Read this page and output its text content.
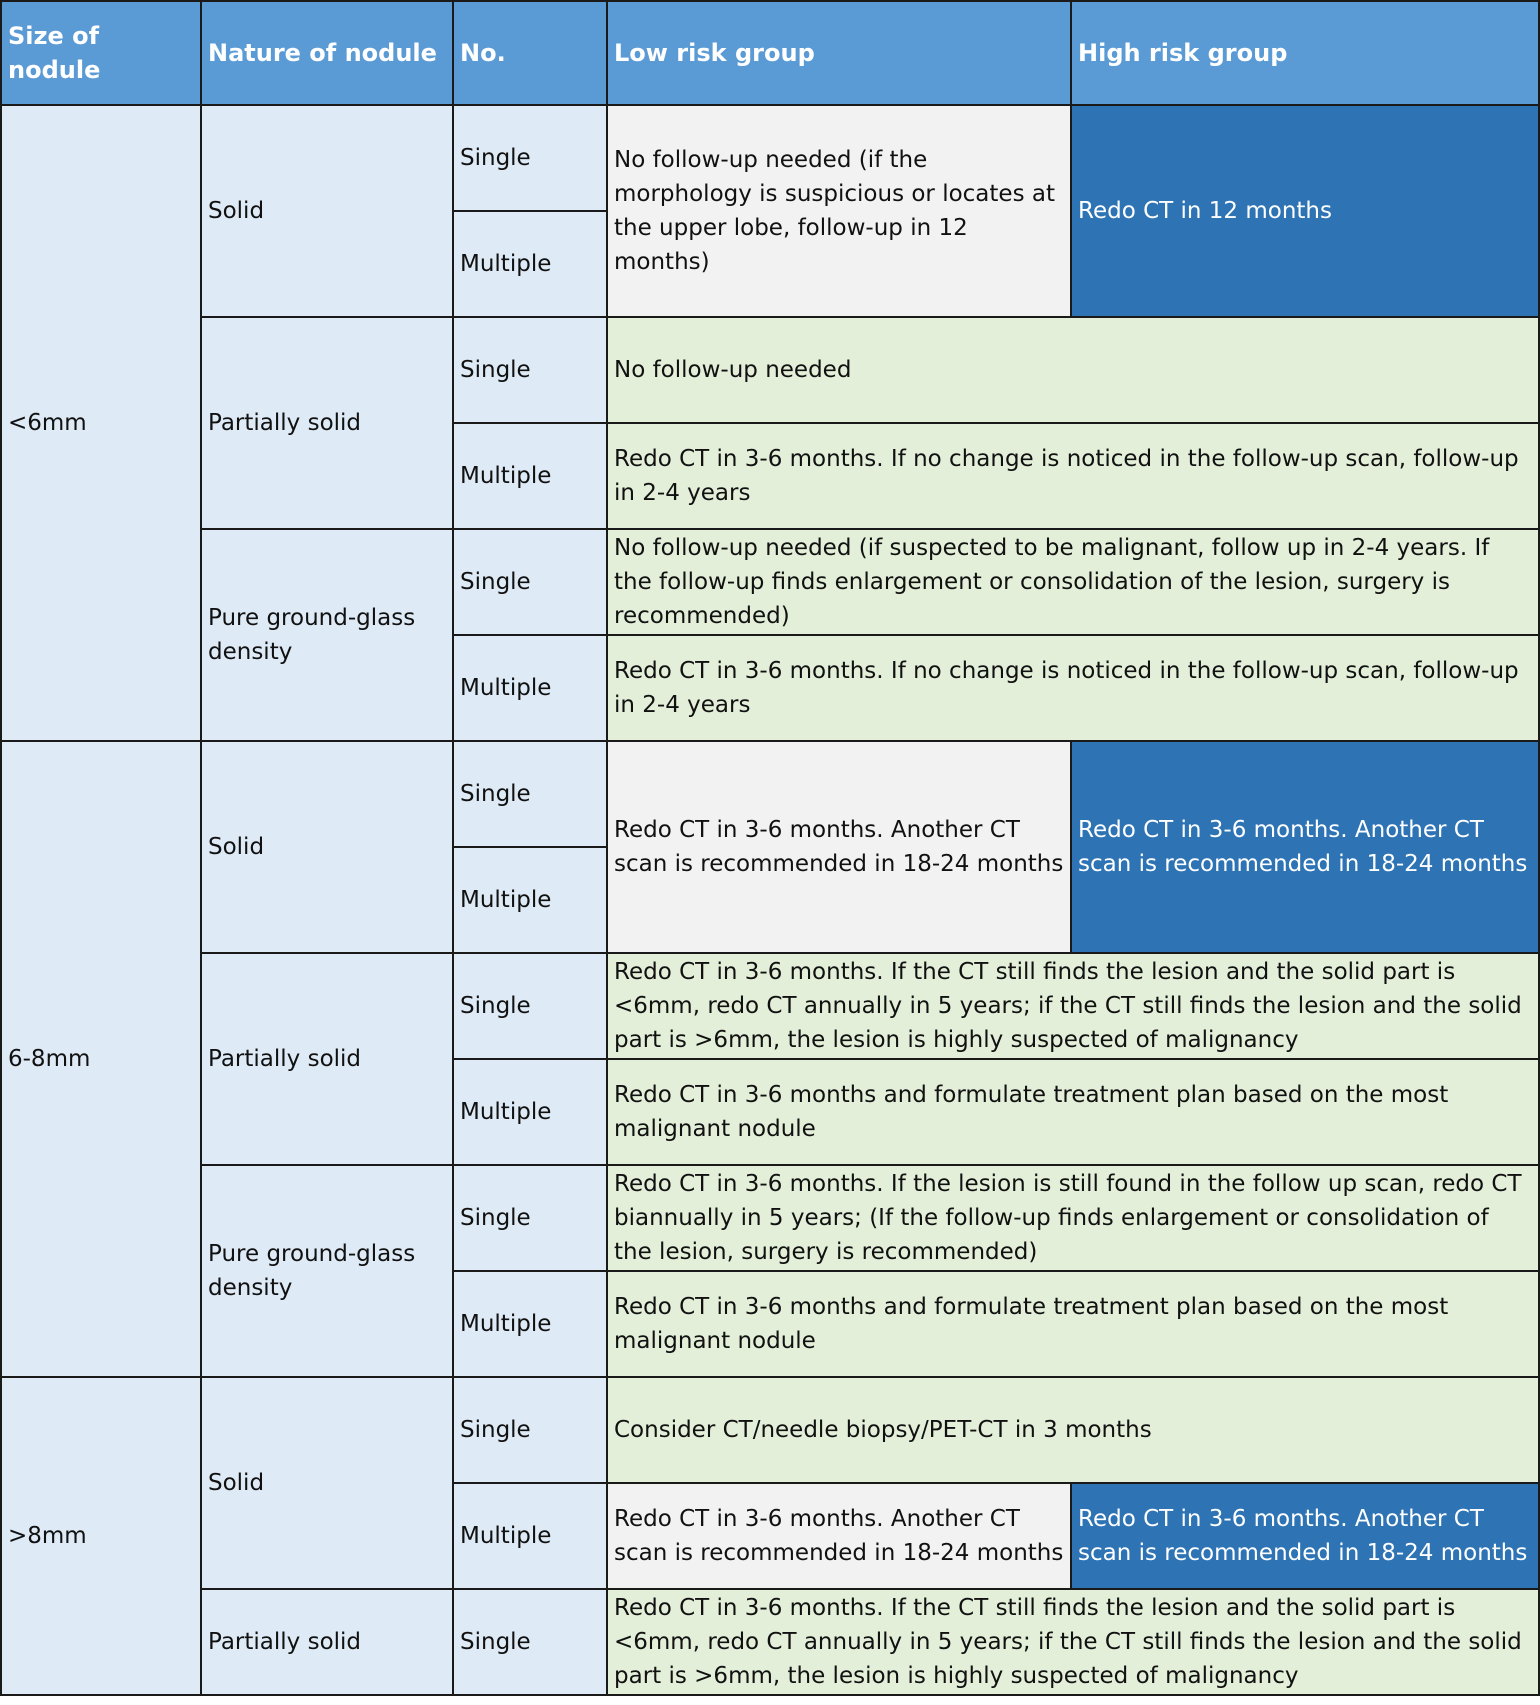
Size of nodule	Nature of nodule	No.	Low risk group	High risk group
<6mm	Solid	Single	No follow-up needed (if the morphology is suspicious or locates at the upper lobe, follow-up in 12 months)	Redo CT in 12 months
		Multiple		
	Partially solid	Single	No follow-up needed	
		Multiple	Redo CT in 3-6 months. If no change is noticed in the follow-up scan, follow-up in 2-4 years	
	Pure ground-glass density	Single	No follow-up needed (if suspected to be malignant, follow up in 2-4 years. If the follow-up finds enlargement or consolidation of the lesion, surgery is recommended)	
		Multiple	Redo CT in 3-6 months. If no change is noticed in the follow-up scan, follow-up in 2-4 years	
6-8mm	Solid	Single	Redo CT in 3-6 months. Another CT scan is recommended in 18-24 months	Redo CT in 3-6 months. Another CT scan is recommended in 18-24 months
		Multiple		
	Partially solid	Single	Redo CT in 3-6 months. If the CT still finds the lesion and the solid part is <6mm, redo CT annually in 5 years; if the CT still finds the lesion and the solid part is >6mm, the lesion is highly suspected of malignancy	
		Multiple	Redo CT in 3-6 months and formulate treatment plan based on the most malignant nodule	
	Pure ground-glass density	Single	Redo CT in 3-6 months. If the lesion is still found in the follow up scan, redo CT biannually in 5 years; (If the follow-up finds enlargement or consolidation of the lesion, surgery is recommended)	
		Multiple	Redo CT in 3-6 months and formulate treatment plan based on the most malignant nodule	
>8mm	Solid	Single	Consider CT/needle biopsy/PET-CT in 3 months	
		Multiple	Redo CT in 3-6 months. Another CT scan is recommended in 18-24 months	Redo CT in 3-6 months. Another CT scan is recommended in 18-24 months
	Partially solid	Single	Redo CT in 3-6 months. If the CT still finds the lesion and the solid part is <6mm, redo CT annually in 5 years; if the CT still finds the lesion and the solid part is >6mm, the lesion is highly suspected of malignancy	
